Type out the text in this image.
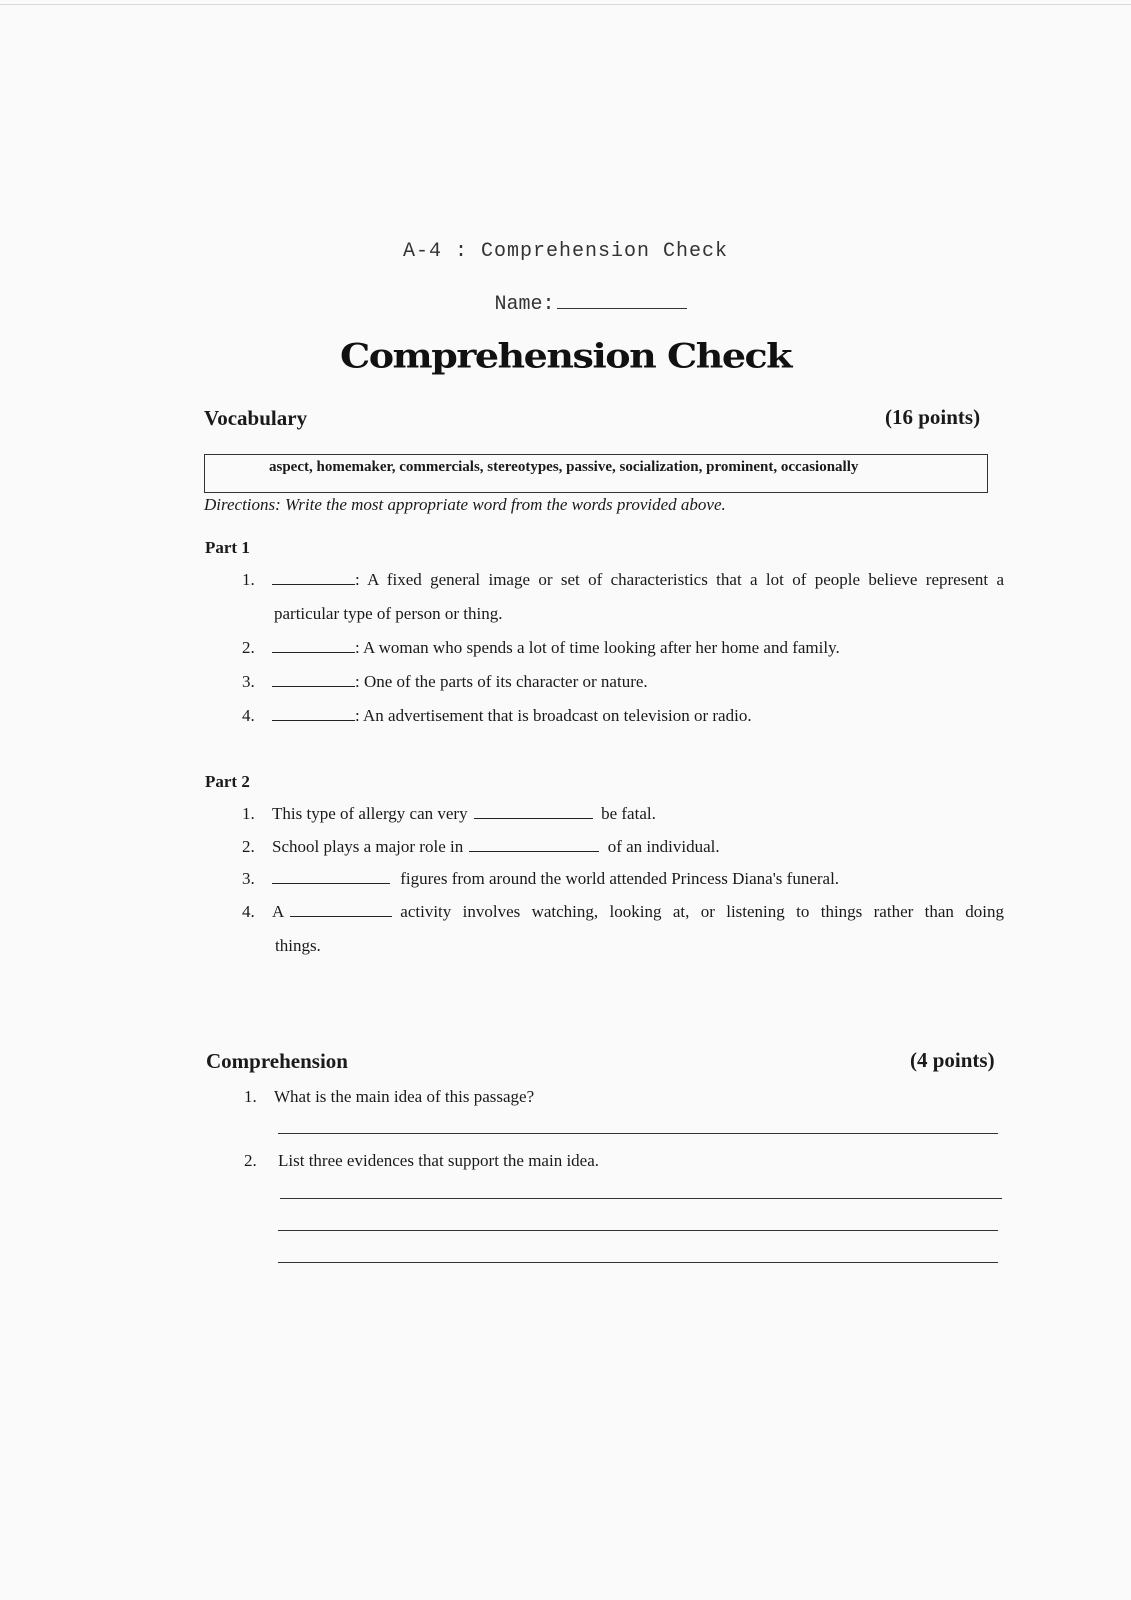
A-4 : Comprehension Check
Name:
Comprehension Check
Vocabulary	(16 points)
aspect, homemaker, commercials, stereotypes, passive, socialization, prominent, occasionally
Directions: Write the most appropriate word from the words provided above.
Part 1
1.	: A fixed general image or set of characteristics that a lot of people believe represent a
particular type of person or thing.
2.	: A woman who spends a lot of time looking after her home and family.
3.	: One of the parts of its character or nature.
4.	: An advertisement that is broadcast on television or radio.
Part 2
1. This type of allergy can very	be fatal.
2. School plays a major role in	of an individual.
3.	figures from around the world attended Princess Diana's funeral.
4. A	activity involves watching, looking at, or listening to things rather than doing
things.
Comprehension	(4 points)
1. What is the main idea of this passage?
2. List three evidences that support the main idea.
